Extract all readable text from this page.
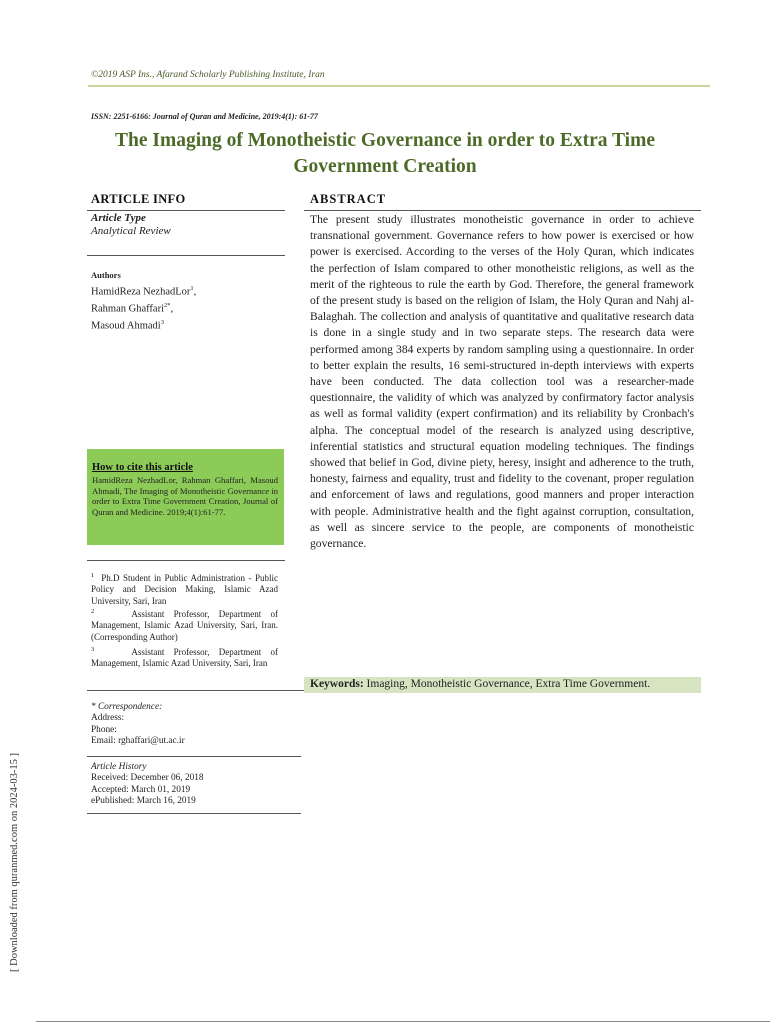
©2019 ASP Ins., Afarand Scholarly Publishing Institute, Iran
ISSN: 2251-6166: Journal of Quran and Medicine, 2019:4(1): 61-77
The Imaging of Monotheistic Governance in order to Extra Time
Government Creation
ARTICLE INFO
Article Type
Analytical Review
Authors
HamidReza NezhadLor$^1$,
Rahman Ghaffari$^{2*}$,
Masoud Ahmadi$^3$
How to cite this article
HamidReza NezhadLor, Rahman Ghaffari, Masoud Ahmadi, The Imaging of Monotheistic Governance in order to Extra Time Government Creation, Journal of Quran and Medicine. 2019;4(1):61-77.
$^1$ Ph.D Student in Public Administration - Public Policy and Decision Making, Islamic Azad University, Sari, Iran
$^2$	Assistant Professor, Department of Management, Islamic Azad University, Sari, Iran. (Corresponding Author)
$^3$	Assistant Professor, Department of Management, Islamic Azad University, Sari, Iran
* Correspondence:
Address:
Phone:
Email: rghaffari@ut.ac.ir
Article History
Received: December 06, 2018
Accepted: March 01, 2019
ePublished: March 16, 2019
ABSTRACT
The present study illustrates monotheistic governance in order to achieve transnational government. Governance refers to how power is exercised or how power is exercised. According to the verses of the Holy Quran, which indicates the perfection of Islam compared to other monotheistic religions, as well as the merit of the righteous to rule the earth by God. Therefore, the general framework of the present study is based on the religion of Islam, the Holy Quran and Nahj al-Balaghah. The collection and analysis of quantitative and qualitative research data is done in a single study and in two separate steps. The research data were performed among 384 experts by random sampling using a questionnaire. In order to better explain the results, 16 semi-structured in-depth interviews with experts have been conducted. The data collection tool was a researcher-made questionnaire, the validity of which was analyzed by confirmatory factor analysis as well as formal validity (expert confirmation) and its reliability by Cronbach's alpha. The conceptual model of the research is analyzed using descriptive, inferential statistics and structural equation modeling techniques. The findings showed that belief in God, divine piety, heresy, insight and adherence to the truth, honesty, fairness and equality, trust and fidelity to the covenant, proper regulation and enforcement of laws and regulations, good manners and proper interaction with people. Administrative health and the fight against corruption, consultation, as well as sincere service to the people, are components of monotheistic governance.
Keywords: Imaging, Monotheistic Governance, Extra Time Government.
[ Downloaded from quranmed.com on 2024-03-15 ]
